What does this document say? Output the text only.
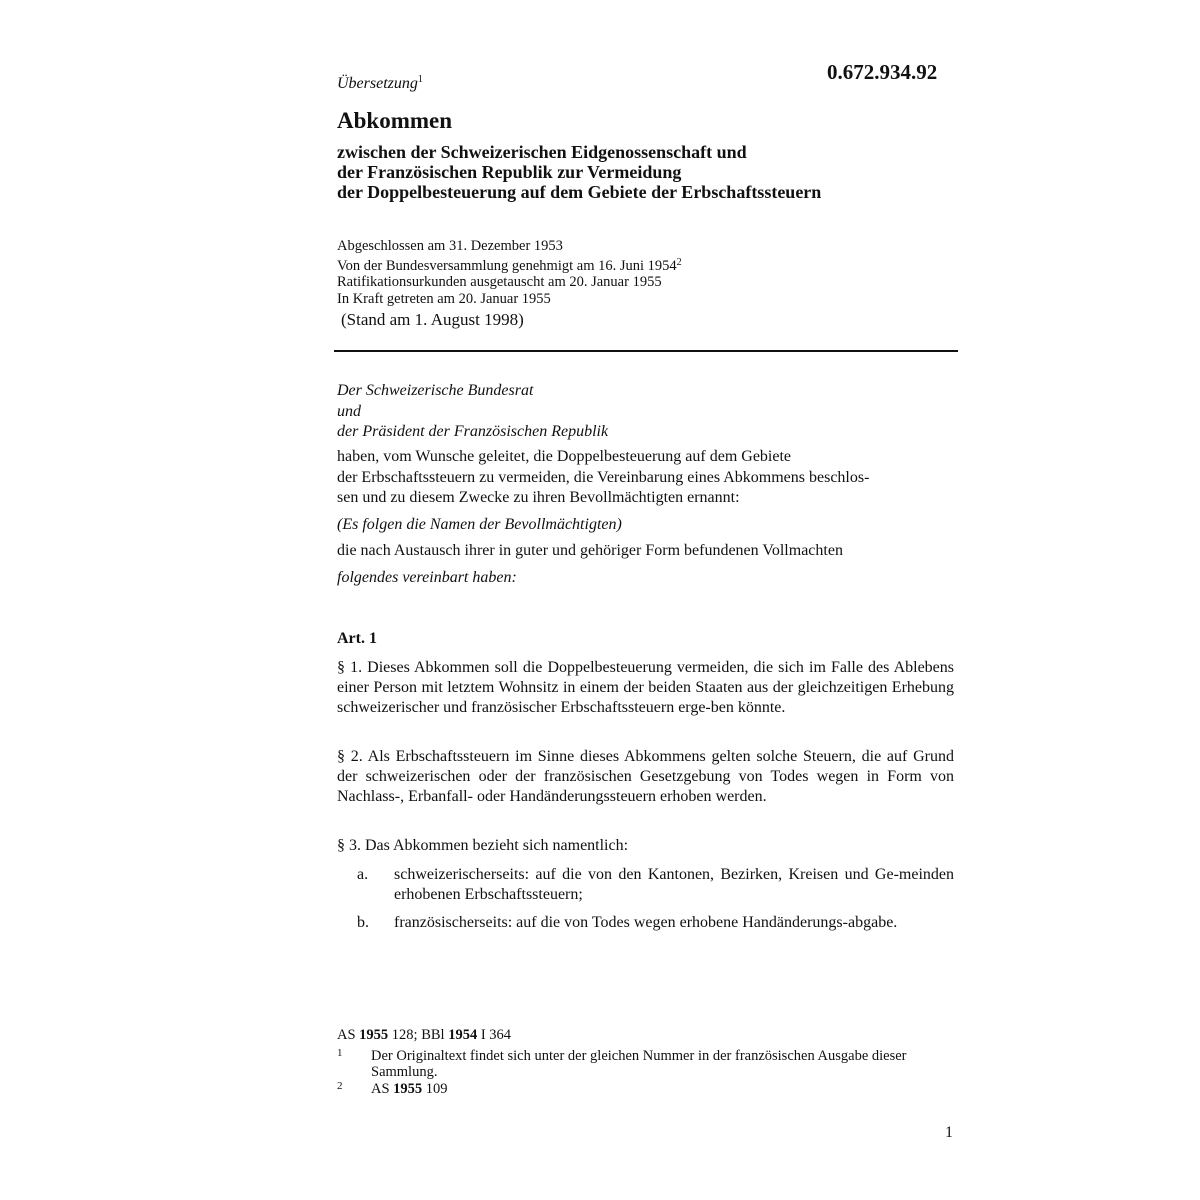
0.672.934.92
Übersetzung$^1$
Abkommen
zwischen der Schweizerischen Eidgenossenschaft und
der Französischen Republik zur Vermeidung
der Doppelbesteuerung auf dem Gebiete der Erbschaftssteuern
Abgeschlossen am 31. Dezember 1953
Von der Bundesversammlung genehmigt am 16. Juni 1954$^2$
Ratifikationsurkunden ausgetauscht am 20. Januar 1955
In Kraft getreten am 20. Januar 1955
(Stand am 1. August 1998)
Der Schweizerische Bundesrat
und
der Präsident der Französischen Republik
haben, vom Wunsche geleitet, die Doppelbesteuerung auf dem Gebiete
der Erbschaftssteuern zu vermeiden, die Vereinbarung eines Abkommens beschlos-
sen und zu diesem Zwecke zu ihren Bevollmächtigten ernannt:
(Es folgen die Namen der Bevollmächtigten)
die nach Austausch ihrer in guter und gehöriger Form befundenen Vollmachten
folgendes vereinbart haben:
Art. 1
§ 1. Dieses Abkommen soll die Doppelbesteuerung vermeiden, die sich im Falle des Ablebens einer Person mit letztem Wohnsitz in einem der beiden Staaten aus der gleichzeitigen Erhebung schweizerischer und französischer Erbschaftssteuern erge-ben könnte.
§ 2. Als Erbschaftssteuern im Sinne dieses Abkommens gelten solche Steuern, die auf Grund der schweizerischen oder der französischen Gesetzgebung von Todes wegen in Form von Nachlass-, Erbanfall- oder Handänderungssteuern erhoben werden.
§ 3. Das Abkommen bezieht sich namentlich:
a. schweizerischerseits: auf die von den Kantonen, Bezirken, Kreisen und Ge-meinden erhobenen Erbschaftssteuern;
b. französischerseits: auf die von Todes wegen erhobene Handänderungs-abgabe.
AS 1955 128; BBl 1954 I 364
1 Der Originaltext findet sich unter der gleichen Nummer in der französischen Ausgabe dieser Sammlung.
2 AS 1955 109
1
